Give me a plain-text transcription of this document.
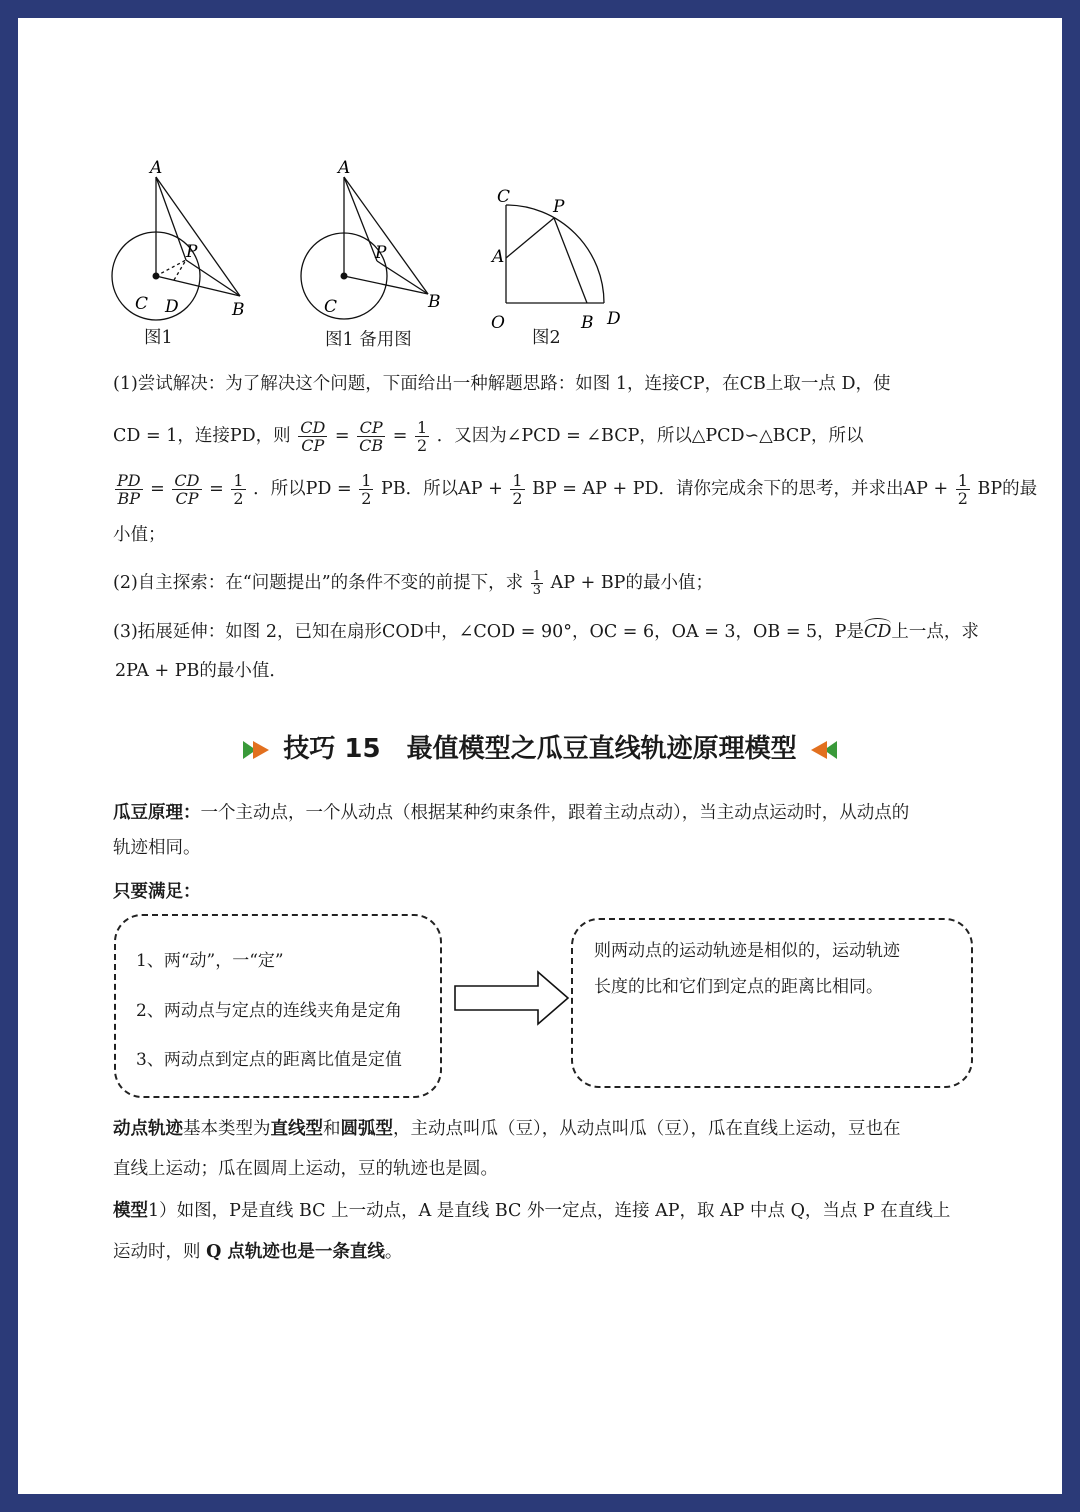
A
P
C D	B
图1
A
P
C	B
图1 备用图
C	P
A
O	B D
图2
(1)尝试解决：为了解决这个问题，下面给出一种解题思路：如图 1，连接CP，在CB上取一点 D，使
CD = 1，连接PD，则 $\frac{CD}{CP} = \frac{CP}{CB} = \frac{1}{2}$ ．又因为∠PCD = ∠BCP，所以△PCD∽△BCP，所以
$\frac{PD}{BP} = \frac{CD}{CP} = \frac{1}{2}$ ．所以PD = $\frac{1}{2}$ PB．所以AP + $\frac{1}{2}$ BP = AP + PD．请你完成余下的思考，并求出AP + $\frac{1}{2}$ BP的最
小值；
(2)自主探索：在“问题提出”的条件不变的前提下，求 $\frac{1}{3}$ AP + BP的最小值；
(3)拓展延伸：如图 2，已知在扇形COD中，∠COD = 90°，OC = 6，OA = 3，OB = 5，P是CD上一点，求
2PA + PB的最小值．
技巧 15　最值模型之瓜豆直线轨迹原理模型
瓜豆原理：一个主动点，一个从动点（根据某种约束条件，跟着主动点动），当主动点运动时，从动点的
轨迹相同。
只要满足：
1、两“动”，一“定”
2、两动点与定点的连线夹角是定角
3、两动点到定点的距离比值是定值
则两动点的运动轨迹是相似的，运动轨迹
长度的比和它们到定点的距离比相同。
动点轨迹基本类型为直线型和圆弧型，主动点叫瓜（豆），从动点叫瓜（豆），瓜在直线上运动，豆也在
直线上运动；瓜在圆周上运动，豆的轨迹也是圆。
模型1）如图，P是直线 BC 上一动点，A 是直线 BC 外一定点，连接 AP，取 AP 中点 Q，当点 P 在直线上
运动时，则 Q 点轨迹也是一条直线。
